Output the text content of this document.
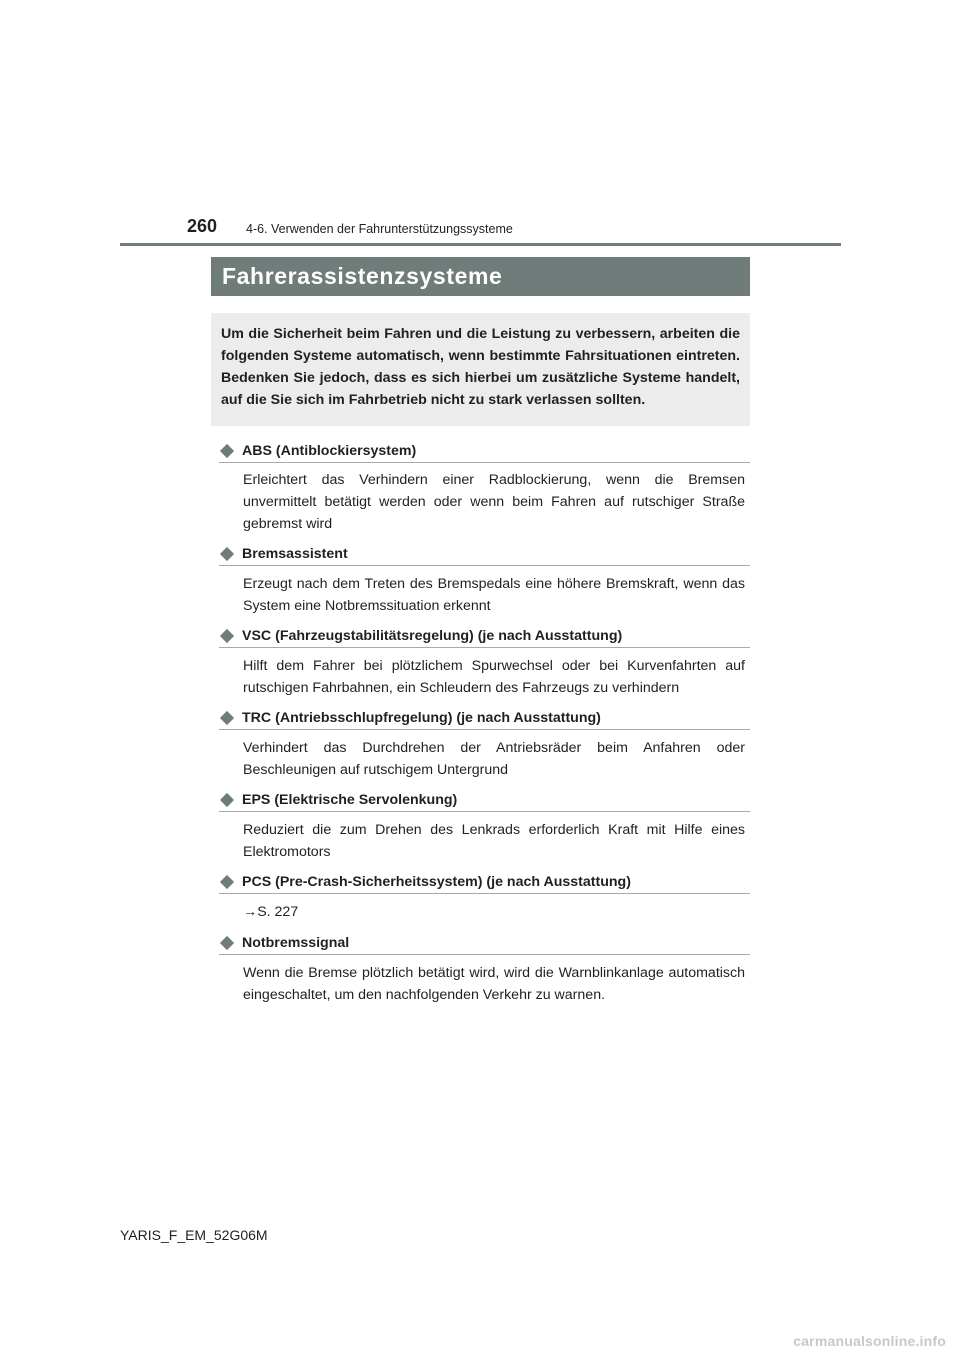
260 4-6. Verwenden der Fahrunterstützungssysteme
Fahrerassistenzsysteme

Um die Sicherheit beim Fahren und die Leistung zu verbessern, arbeiten die folgenden Systeme automatisch, wenn bestimmte Fahrsituationen eintreten. Bedenken Sie jedoch, dass es sich hierbei um zusätzliche Systeme handelt, auf die Sie sich im Fahrbetrieb nicht zu stark verlassen sollten.

ABS (Antiblockiersystem)

Erleichtert das Verhindern einer Radblockierung, wenn die Bremsen unvermittelt betätigt werden oder wenn beim Fahren auf rutschiger Straße gebremst wird

Bremsassistent

Erzeugt nach dem Treten des Bremspedals eine höhere Bremskraft, wenn das System eine Notbremssituation erkennt

VSC (Fahrzeugstabilitätsregelung) (je nach Ausstattung)

Hilft dem Fahrer bei plötzlichem Spurwechsel oder bei Kurvenfahrten auf rutschigen Fahrbahnen, ein Schleudern des Fahrzeugs zu verhindern

TRC (Antriebsschlupfregelung) (je nach Ausstattung)

Verhindert das Durchdrehen der Antriebsräder beim Anfahren oder Beschleunigen auf rutschigem Untergrund

EPS (Elektrische Servolenkung)

Reduziert die zum Drehen des Lenkrads erforderlich Kraft mit Hilfe eines Elektromotors

PCS (Pre-Crash-Sicherheitssystem) (je nach Ausstattung)

→S. 227

Notbremssignal

Wenn die Bremse plötzlich betätigt wird, wird die Warnblinkanlage automatisch eingeschaltet, um den nachfolgenden Verkehr zu warnen.

YARIS_F_EM_52G06M
carmanualsonline.info
